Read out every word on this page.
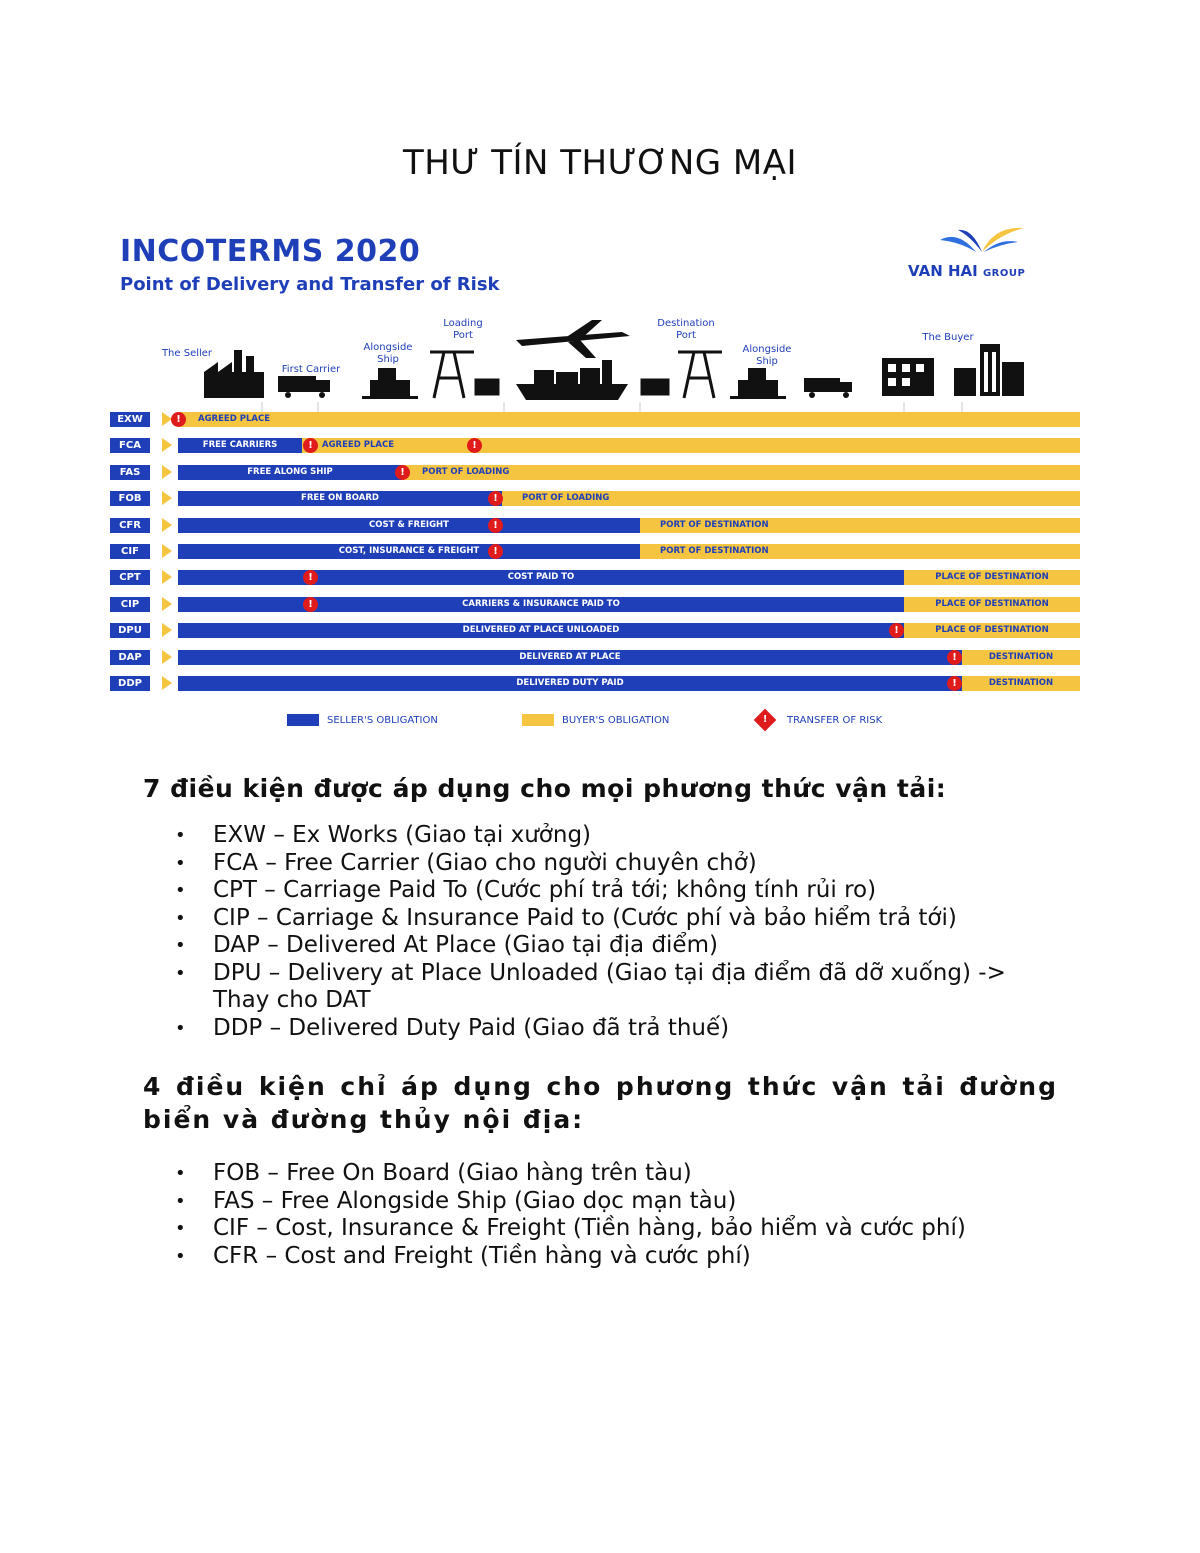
THƯ TÍN THƯƠNG MẠI
INCOTERMS 2020
Point of Delivery and Transfer of Risk
VAN HAI GROUP
The Seller
First Carrier
Alongside
Ship
Loading
Port
Destination
Port
Alongside
Ship
The Buyer
EXW	AGREED PLACE
!
FCA	FREE CARRIERS	AGREED PLACE
!	!
FAS	FREE ALONG SHIP	PORT OF LOADING
!
FOB	FREE ON BOARD	PORT OF LOADING
!
CFR	COST & FREIGHT	PORT OF DESTINATION
!
CIF	COST, INSURANCE & FREIGHT	PORT OF DESTINATION
!
CPT	COST PAID TO	PLACE OF DESTINATION
!
CIP	CARRIERS & INSURANCE PAID TO	PLACE OF DESTINATION
!
DPU	DELIVERED AT PLACE UNLOADED	PLACE OF DESTINATION
!
DAP	DELIVERED AT PLACE	DESTINATION
!
DDP	DELIVERED DUTY PAID	DESTINATION
!
SELLER'S OBLIGATION	BUYER'S OBLIGATION	! TRANSFER OF RISK
7 điều kiện được áp dụng cho mọi phương thức vận tải:
• EXW – Ex Works (Giao tại xưởng)
• FCA – Free Carrier (Giao cho người chuyên chở)
• CPT – Carriage Paid To (Cước phí trả tới; không tính rủi ro)
• CIP – Carriage & Insurance Paid to (Cước phí và bảo hiểm trả tới)
• DAP – Delivered At Place (Giao tại địa điểm)
• DPU – Delivery at Place Unloaded (Giao tại địa điểm đã dỡ xuống) -> Thay cho DAT
• DDP – Delivered Duty Paid (Giao đã trả thuế)
4 điều kiện chỉ áp dụng cho phương thức vận tải đường biển và đường thủy nội địa:
• FOB – Free On Board (Giao hàng trên tàu)
• FAS – Free Alongside Ship (Giao dọc mạn tàu)
• CIF – Cost, Insurance & Freight (Tiền hàng, bảo hiểm và cước phí)
• CFR – Cost and Freight (Tiền hàng và cước phí)
